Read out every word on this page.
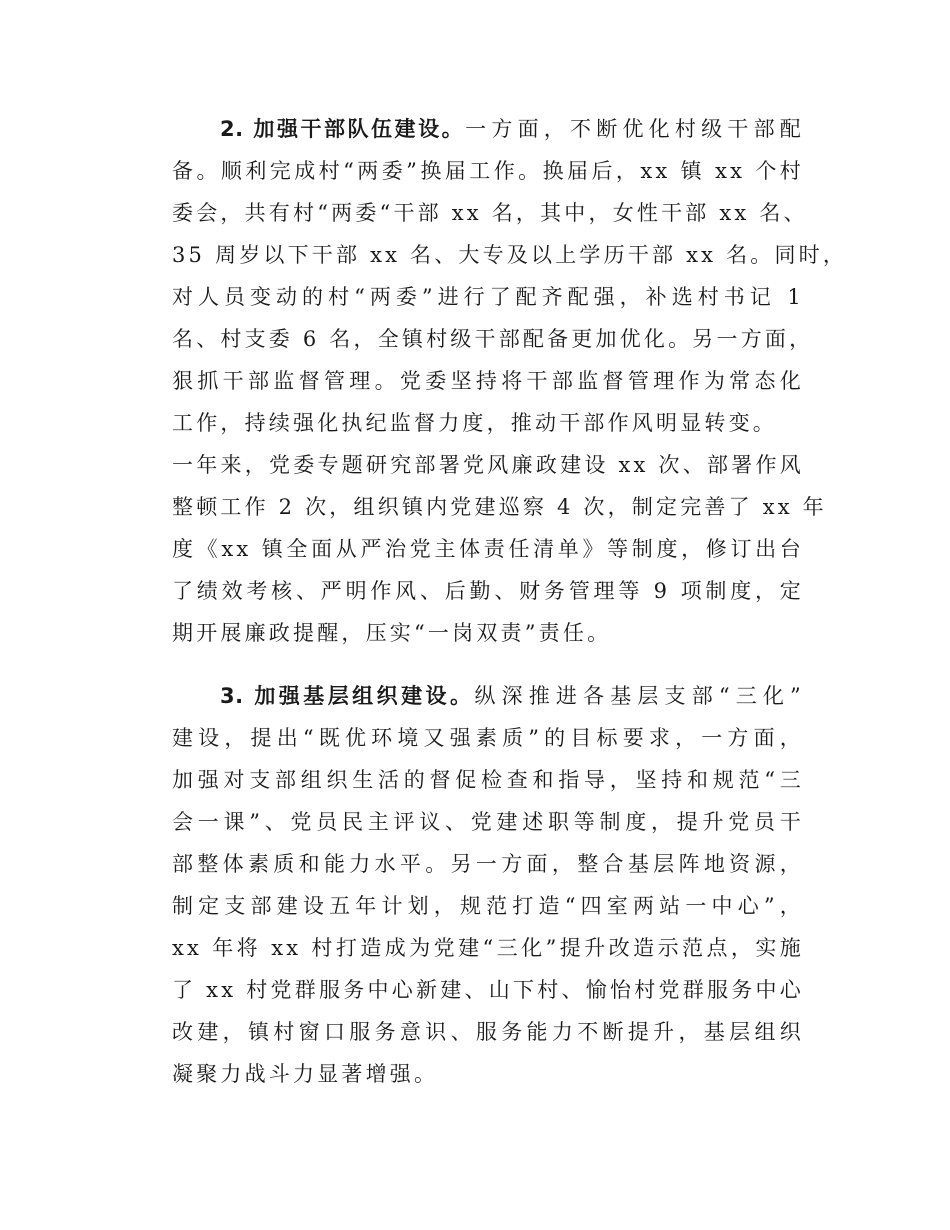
2. 加强干部队伍建设。一方面，不断优化村级干部配
备。顺利完成村“两委”换届工作。换届后，xx 镇 xx 个村
委会，共有村“两委“干部 xx 名，其中，女性干部 xx 名、
35 周岁以下干部 xx 名、大专及以上学历干部 xx 名。同时，
对人员变动的村“两委”进行了配齐配强，补选村书记 1
名、村支委 6 名，全镇村级干部配备更加优化。另一方面，
狠抓干部监督管理。党委坚持将干部监督管理作为常态化
工作，持续强化执纪监督力度，推动干部作风明显转变。
一年来，党委专题研究部署党风廉政建设 xx 次、部署作风
整顿工作 2 次，组织镇内党建巡察 4 次，制定完善了 xx 年
度《xx 镇全面从严治党主体责任清单》等制度，修订出台
了绩效考核、严明作风、后勤、财务管理等 9 项制度，定
期开展廉政提醒，压实“一岗双责”责任。
3. 加强基层组织建设。纵深推进各基层支部“三化”
建设，提出“既优环境又强素质”的目标要求，一方面，
加强对支部组织生活的督促检查和指导，坚持和规范“三
会一课”、党员民主评议、党建述职等制度，提升党员干
部整体素质和能力水平。另一方面，整合基层阵地资源，
制定支部建设五年计划，规范打造“四室两站一中心”，
xx 年将 xx 村打造成为党建“三化”提升改造示范点，实施
了 xx 村党群服务中心新建、山下村、愉怡村党群服务中心
改建，镇村窗口服务意识、服务能力不断提升，基层组织
凝聚力战斗力显著增强。
